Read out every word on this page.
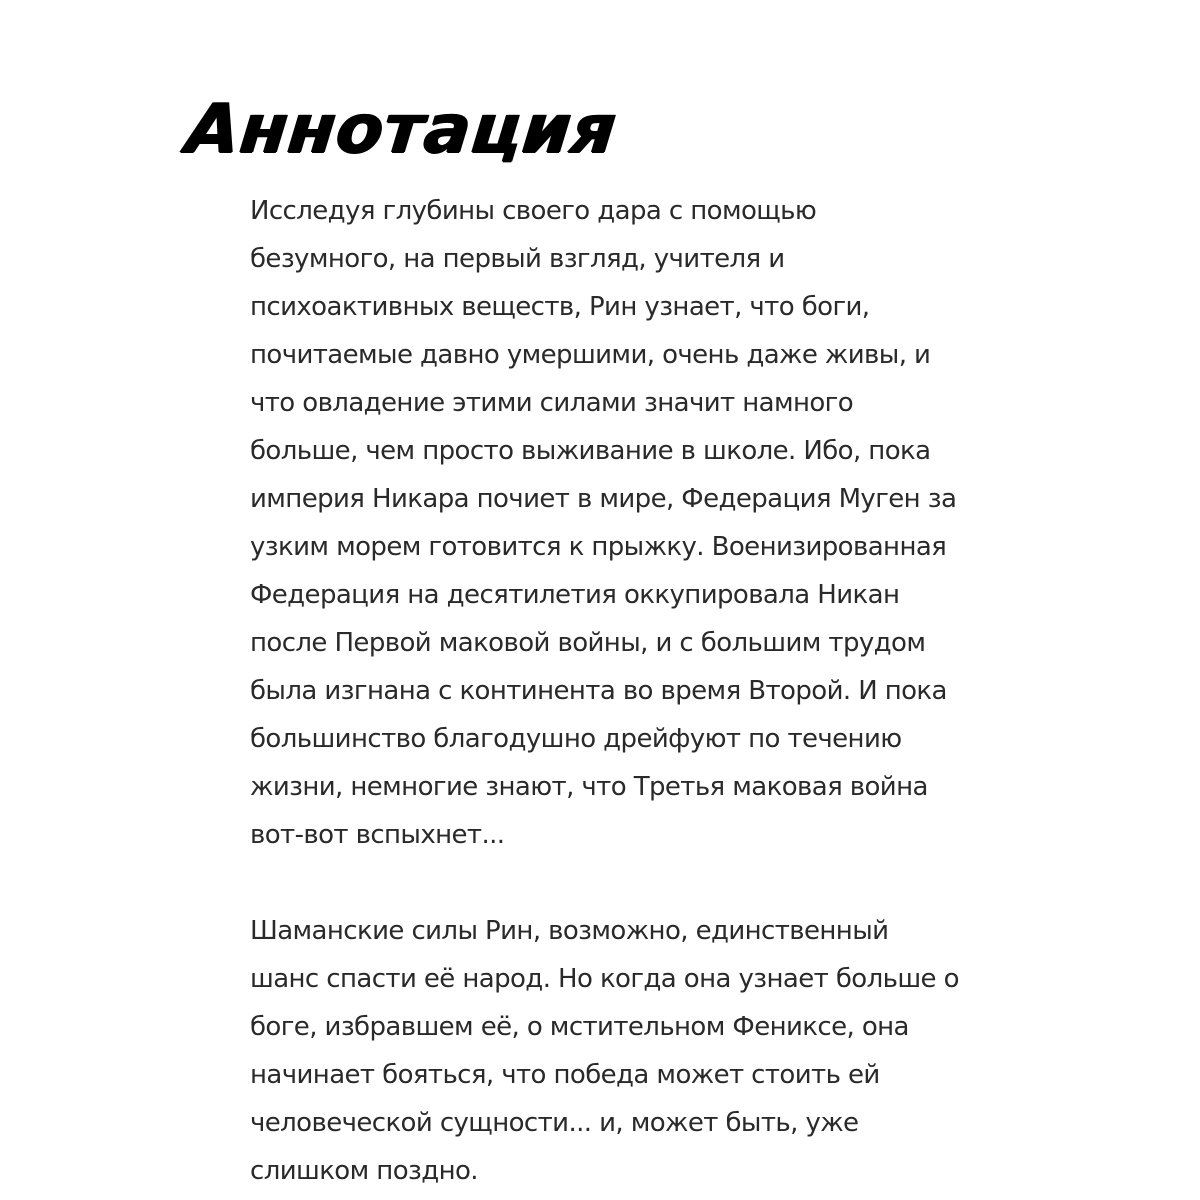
Аннотация
Исследуя глубины своего дара с помощью
безумного, на первый взгляд, учителя и
психоактивных веществ, Рин узнает, что боги,
почитаемые давно умершими, очень даже живы, и
что овладение этими силами значит намного
больше, чем просто выживание в школе. Ибо, пока
империя Никара почиет в мире, Федерация Муген за
узким морем готовится к прыжку. Военизированная
Федерация на десятилетия оккупировала Никан
после Первой маковой войны, и с большим трудом
была изгнана с континента во время Второй. И пока
большинство благодушно дрейфуют по течению
жизни, немногие знают, что Третья маковая война
вот-вот вспыхнет...
Шаманские силы Рин, возможно, единственный
шанс спасти её народ. Но когда она узнает больше о
боге, избравшем её, о мстительном Фениксе, она
начинает бояться, что победа может стоить ей
человеческой сущности... и, может быть, уже
слишком поздно.
